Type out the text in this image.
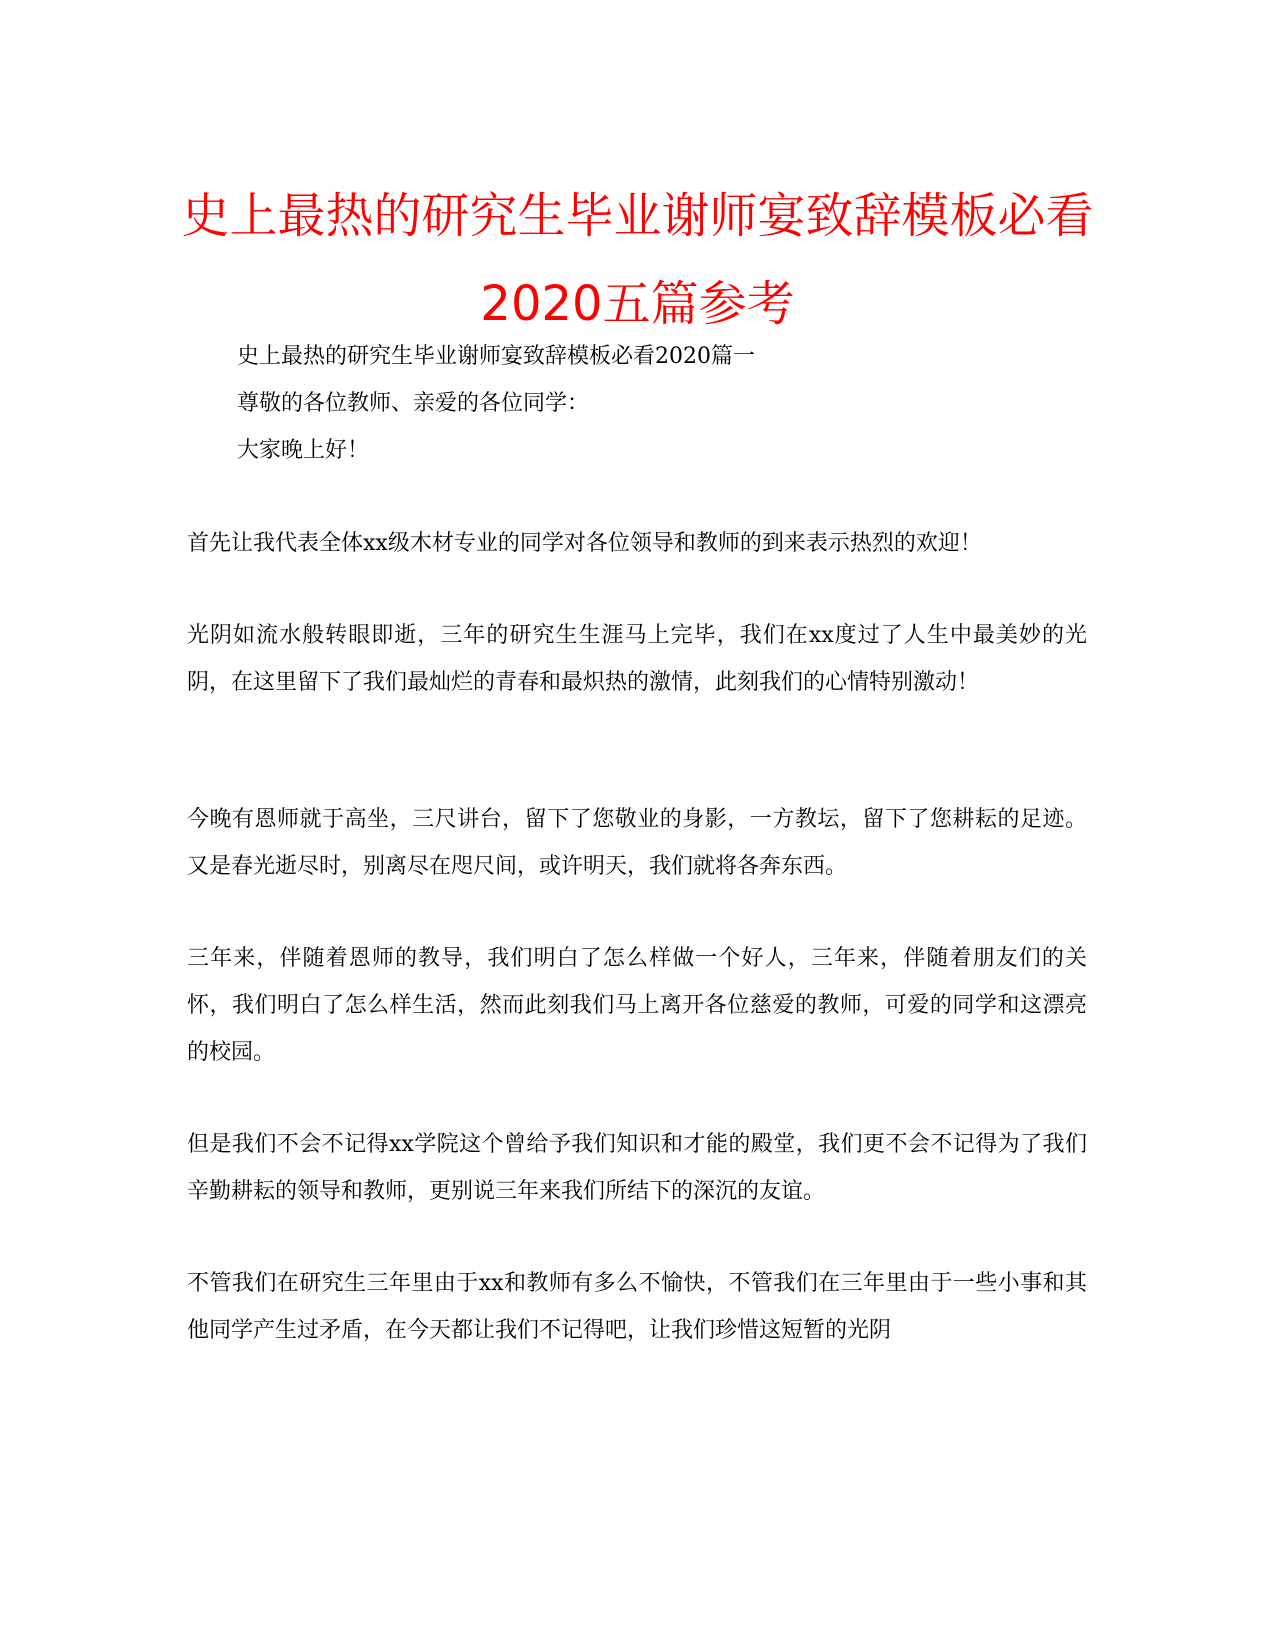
史上最热的研究生毕业谢师宴致辞模板必看2020五篇参考

史上最热的研究生毕业谢师宴致辞模板必看2020篇一

尊敬的各位教师、亲爱的各位同学：

大家晚上好！

首先让我代表全体xx级木材专业的同学对各位领导和教师的到来表示热烈的欢迎！

光阴如流水般转眼即逝，三年的研究生生涯马上完毕，我们在xx度过了人生中最美妙的光阴，在这里留下了我们最灿烂的青春和最炽热的激情，此刻我们的心情特别激动！

今晚有恩师就于高坐，三尺讲台，留下了您敬业的身影，一方教坛，留下了您耕耘的足迹。又是春光逝尽时，别离尽在咫尺间，或许明天，我们就将各奔东西。

三年来，伴随着恩师的教导，我们明白了怎么样做一个好人，三年来，伴随着朋友们的关怀，我们明白了怎么样生活，然而此刻我们马上离开各位慈爱的教师，可爱的同学和这漂亮的校园。

但是我们不会不记得xx学院这个曾给予我们知识和才能的殿堂，我们更不会不记得为了我们辛勤耕耘的领导和教师，更别说三年来我们所结下的深沉的友谊。

不管我们在研究生三年里由于xx和教师有多么不愉快，不管我们在三年里由于一些小事和其他同学产生过矛盾，在今天都让我们不记得吧，让我们珍惜这短暂的光阴
